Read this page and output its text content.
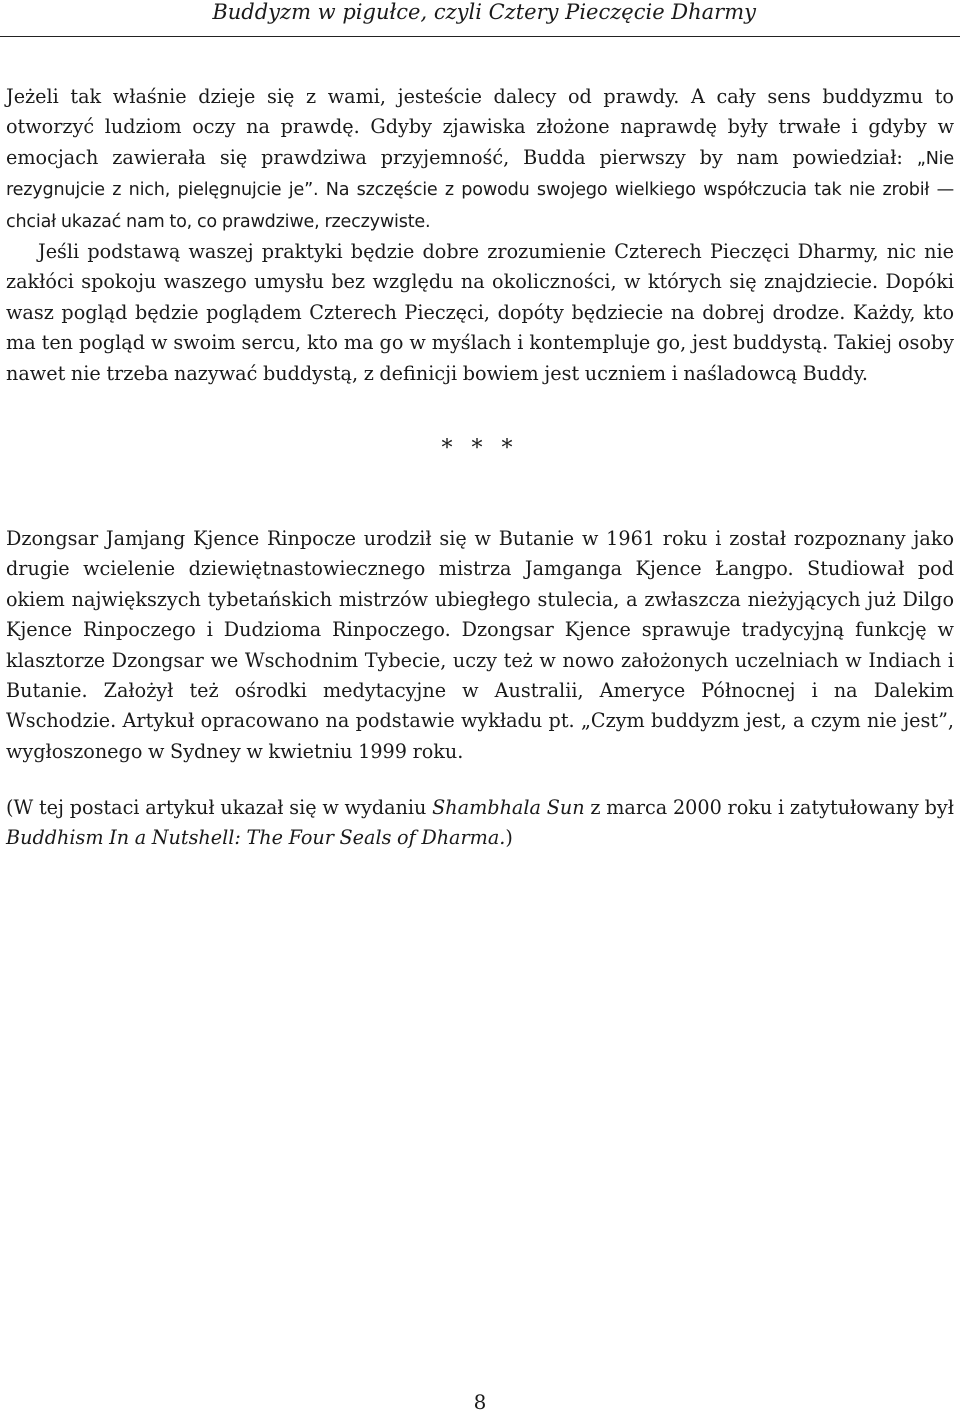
Buddyzm w pigułce, czyli Cztery Pieczęcie Dharmy

Jeżeli tak właśnie dzieje się z wami, jesteście dalecy od prawdy. A cały sens buddyzmu to otworzyć ludziom oczy na prawdę. Gdyby zjawiska złożone naprawdę były trwałe i gdyby w emocjach zawierała się prawdziwa przyjemność, Budda pierwszy by nam powiedział: „Nie rezygnujcie z nich, pielęgnujcie je”. Na szczęście z powodu swojego wielkiego współczucia tak nie zrobił — chciał ukazać nam to, co prawdziwe, rzeczywiste.

Jeśli podstawą waszej praktyki będzie dobre zrozumienie Czterech Pieczęci Dharmy, nic nie zakłóci spokoju waszego umysłu bez względu na okoliczności, w których się znajdziecie. Dopóki wasz pogląd będzie poglądem Czterech Pieczęci, dopóty będziecie na dobrej drodze. Każdy, kto ma ten pogląd w swoim sercu, kto ma go w myślach i kontempluje go, jest buddystą. Takiej osoby nawet nie trzeba nazywać buddystą, z definicji bowiem jest uczniem i naśladowcą Buddy.

* * *

Dzongsar Jamjang Kjence Rinpocze urodził się w Butanie w 1961 roku i został rozpoznany jako drugie wcielenie dziewiętnastowiecznego mistrza Jamganga Kjence Łangpo. Studiował pod okiem największych tybetańskich mistrzów ubiegłego stulecia, a zwłaszcza nieżyjących już Dilgo Kjence Rinpoczego i Dudzioma Rinpoczego. Dzongsar Kjence sprawuje tradycyjną funkcję w klasztorze Dzongsar we Wschodnim Tybecie, uczy też w nowo założonych uczelniach w Indiach i Butanie. Założył też ośrodki medytacyjne w Australii, Ameryce Północnej i na Dalekim Wschodzie. Artykuł opracowano na podstawie wykładu pt. „Czym buddyzm jest, a czym nie jest”, wygłoszonego w Sydney w kwietniu 1999 roku.

(W tej postaci artykuł ukazał się w wydaniu Shambhala Sun z marca 2000 roku i zatytułowany był Buddhism In a Nutshell: The Four Seals of Dharma.)

8
